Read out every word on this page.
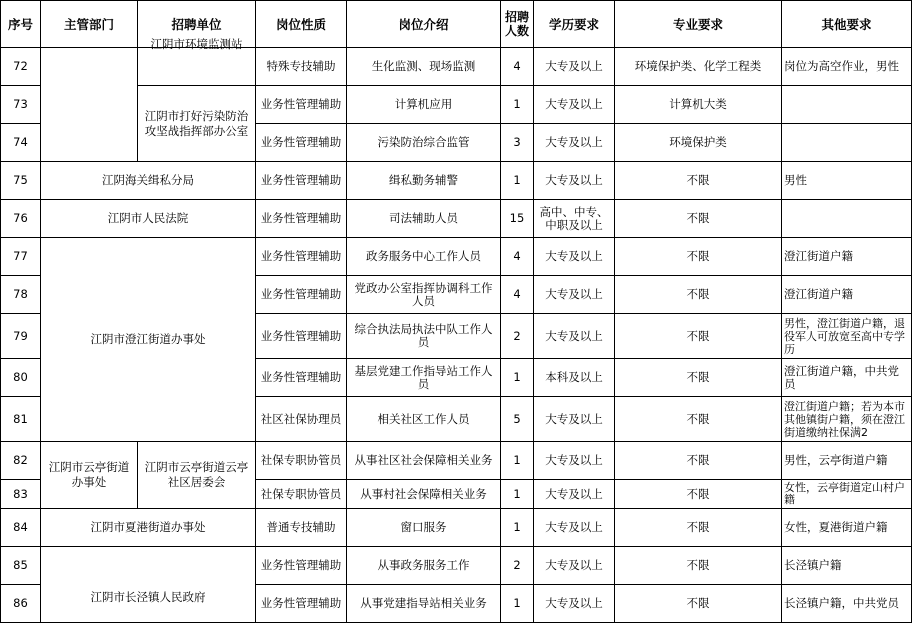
序号	主管部门	招聘单位	岗位性质	岗位介绍	招聘人数	学历要求	专业要求	其他要求
72		江阴市环境监测站	特殊专技辅助	生化监测、现场监测	4	大专及以上	环境保护类、化学工程类	岗位为高空作业，男性
73		江阴市打好污染防治攻坚战指挥部办公室	业务性管理辅助	计算机应用	1	大专及以上	计算机大类	
74			业务性管理辅助	污染防治综合监管	3	大专及以上	环境保护类	
75	江阴海关缉私分局		业务性管理辅助	缉私勤务辅警	1	大专及以上	不限	男性
76	江阴市人民法院		业务性管理辅助	司法辅助人员	15	高中、中专、中职及以上	不限	
77	江阴市澄江街道办事处		业务性管理辅助	政务服务中心工作人员	4	大专及以上	不限	澄江街道户籍
78			业务性管理辅助	党政办公室指挥协调科工作人员	4	大专及以上	不限	澄江街道户籍
79			业务性管理辅助	综合执法局执法中队工作人员	2	大专及以上	不限	男性，澄江街道户籍，退役军人可放宽至高中专学历
80			业务性管理辅助	基层党建工作指导站工作人员	1	本科及以上	不限	澄江街道户籍，中共党员
81			社区社保协理员	相关社区工作人员	5	大专及以上	不限	澄江街道户籍；若为本市其他镇街户籍，须在澄江街道缴纳社保满2
82	江阴市云亭街道办事处	江阴市云亭街道云亭社区居委会	社保专职协管员	从事社区社会保障相关业务	1	大专及以上	不限	男性，云亭街道户籍
83			社保专职协管员	从事村社会保障相关业务	1	大专及以上	不限	女性，云亭街道定山村户籍
84	江阴市夏港街道办事处		普通专技辅助	窗口服务	1	大专及以上	不限	女性，夏港街道户籍
85	江阴市长泾镇人民政府		业务性管理辅助	从事政务服务工作	2	大专及以上	不限	长泾镇户籍
86			业务性管理辅助	从事党建指导站相关业务	1	大专及以上	不限	长泾镇户籍，中共党员
